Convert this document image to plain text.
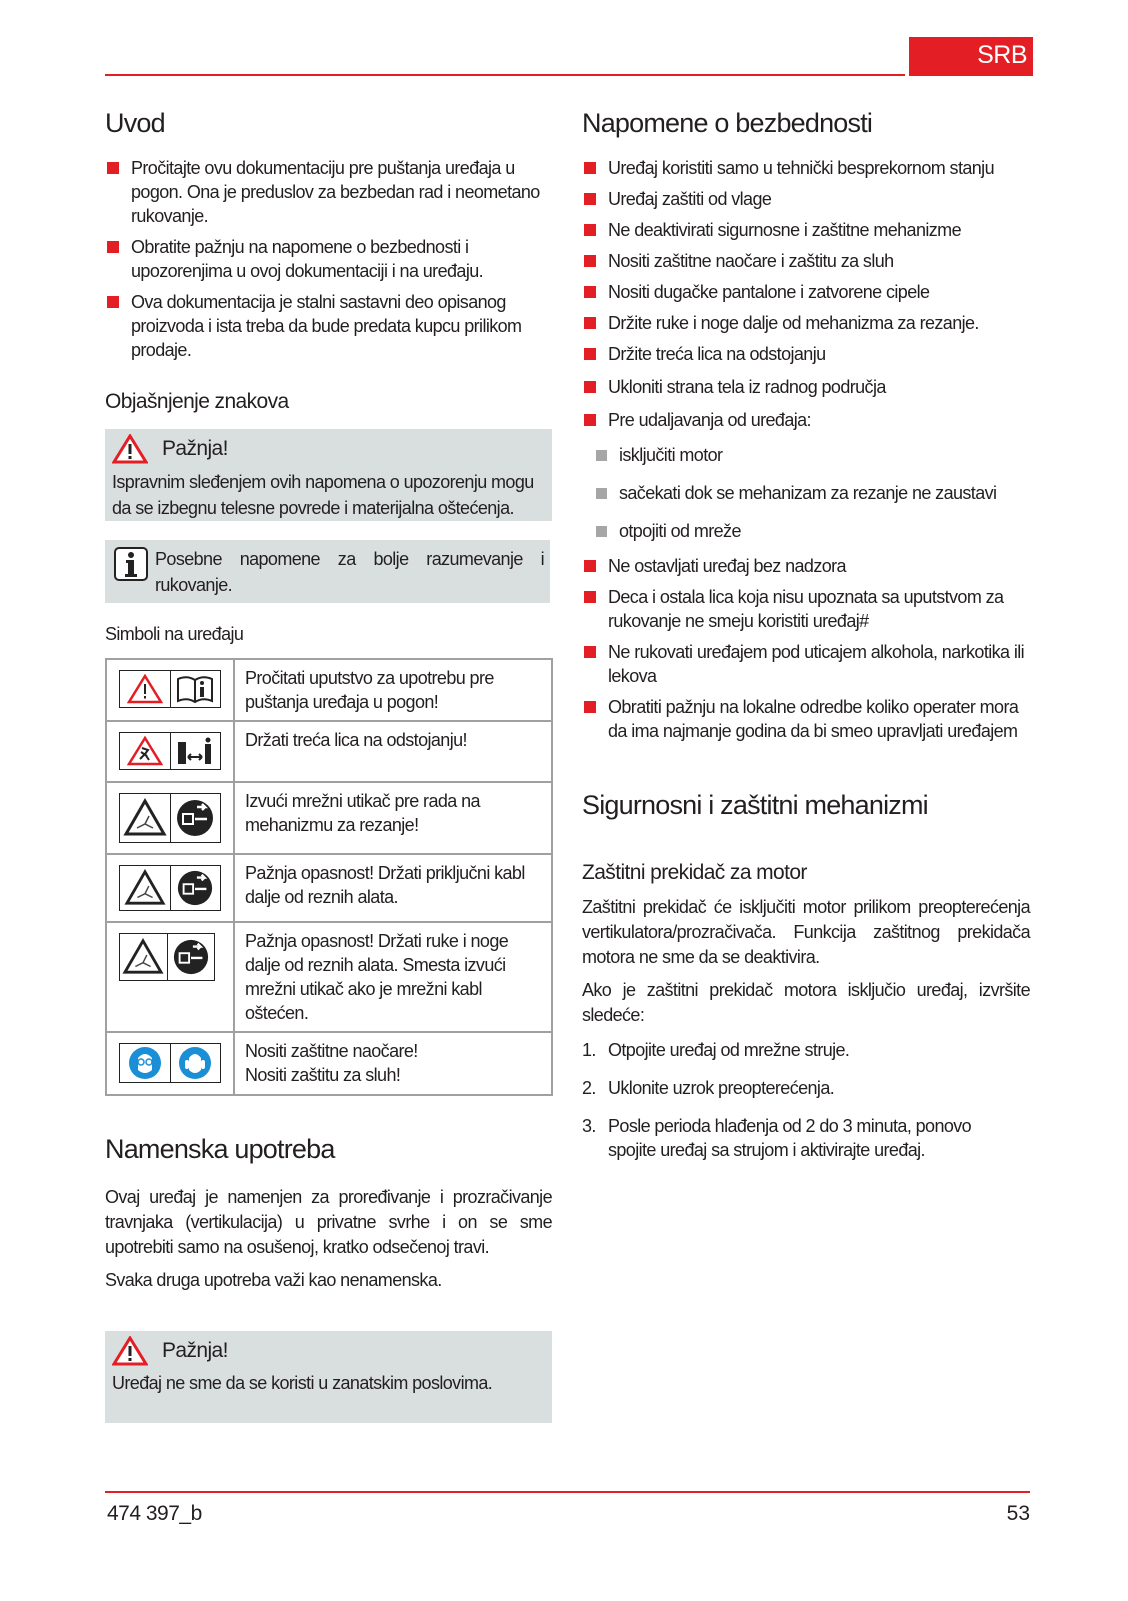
SRB
Uvod
Pročitajte ovu dokumentaciju pre puštanja uređaja u pogon. Ona je preduslov za bezbedan rad i neometano rukovanje.
Obratite pažnju na napomene o bezbednosti i upozorenjima u ovoj dokumentaciji i na uređaju.
Ova dokumentacija je stalni sastavni deo opisanog proizvoda i ista treba da bude predata kupcu prilikom prodaje.
Objašnjenje znakova
Pažnja!
Ispravnim sleđenjem ovih napomena o upozorenju mogu da se izbegnu telesne povrede i materijalna oštećenja.
Posebne napomene za bolje razumevanje i rukovanje.
Simboli na uređaju
	Pročitati uputstvo za upotrebu pre puštanja uređaja u pogon!

	Držati treća lica na odstojanju!

	Izvući mrežni utikač pre rada na mehanizmu za rezanje!

	Pažnja opasnost! Držati priključni kabl dalje od reznih alata.

	Pažnja opasnost! Držati ruke i noge dalje od reznih alata. Smesta izvući mrežni utikač ako je mrežni kabl oštećen.

Nositi zaštitne naočare!
Nositi zaštitu za sluh!
Namenska upotreba
Ovaj uređaj je namenjen za proređivanje i prozračivanje travnjaka (vertikulacija) u privatne svrhe i on se sme upotrebiti samo na osušenoj, kratko odsečenoj travi.
Svaka druga upotreba važi kao nenamenska.
Pažnja!
Uređaj ne sme da se koristi u zanatskim poslovima.
Napomene o bezbednosti
Uređaj koristiti samo u tehnički besprekornom stanju
Uređaj zaštiti od vlage
Ne deaktivirati sigurnosne i zaštitne mehanizme
Nositi zaštitne naočare i zaštitu za sluh
Nositi dugačke pantalone i zatvorene cipele
Držite ruke i noge dalje od mehanizma za rezanje.
Držite treća lica na odstojanju
Ukloniti strana tela iz radnog područja
Pre udaljavanja od uređaja:
isključiti motor
sačekati dok se mehanizam za rezanje ne zaustavi
otpojiti od mreže
Ne ostavljati uređaj bez nadzora
Deca i ostala lica koja nisu upoznata sa uputstvom za rukovanje ne smeju koristiti uređaj#
Ne rukovati uređajem pod uticajem alkohola, narkotika ili lekova
Obratiti pažnju na lokalne odredbe koliko operater mora da ima najmanje godina da bi smeo upravljati uređajem
Sigurnosni i zaštitni mehanizmi
Zaštitni prekidač za motor
Zaštitni prekidač će isključiti motor prilikom preopterećenja vertikulatora/prozračivača. Funkcija zaštitnog prekidača motora ne sme da se deaktivira.
Ako je zaštitni prekidač motora isključio uređaj, izvršite sledeće:
1. Otpojite uređaj od mrežne struje.
2. Uklonite uzrok preopterećenja.
3. Posle perioda hlađenja od 2 do 3 minuta, ponovo spojite uređaj sa strujom i aktivirajte uređaj.
474 397_b	53
